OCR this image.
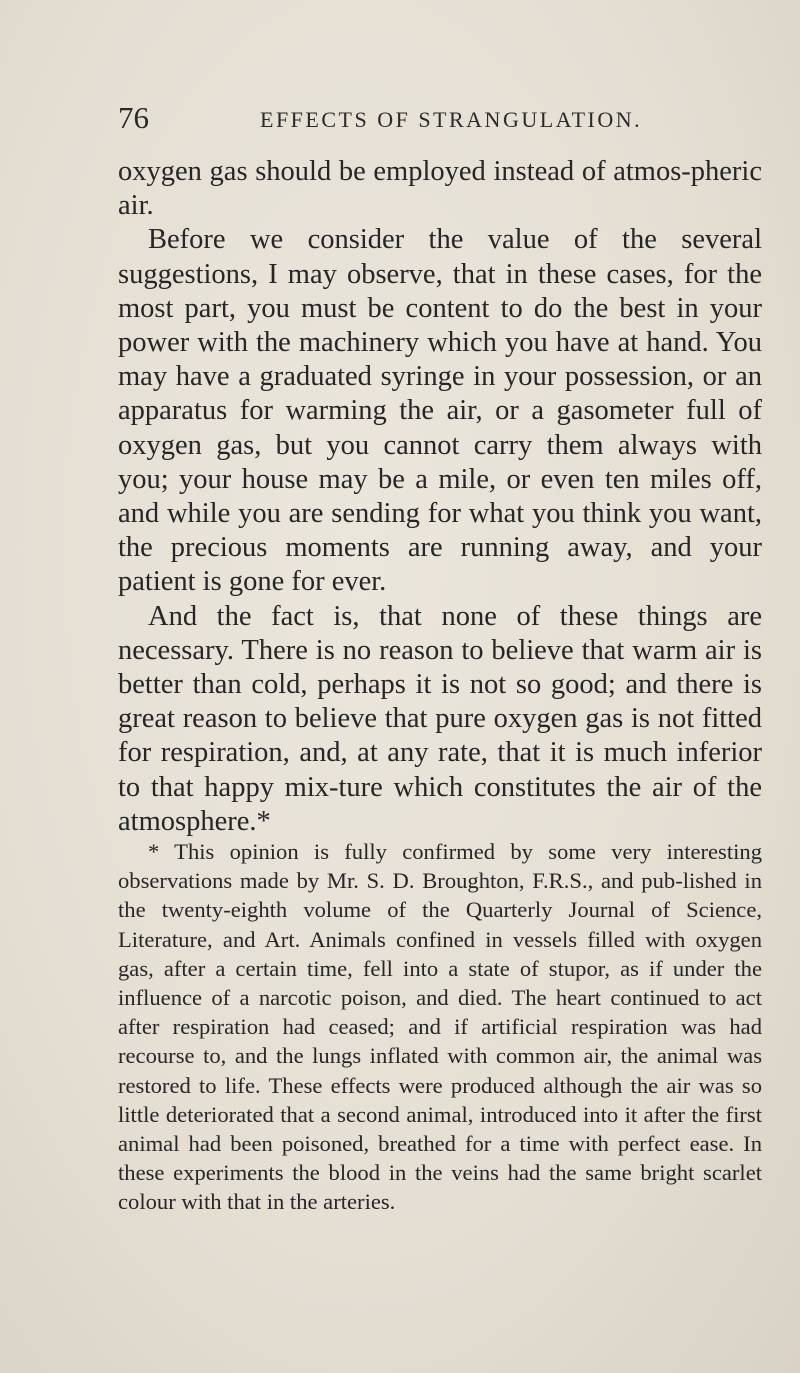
76	EFFECTS OF STRANGULATION.

oxygen gas should be employed instead of atmos-pheric air.

Before we consider the value of the several suggestions, I may observe, that in these cases, for the most part, you must be content to do the best in your power with the machinery which you have at hand. You may have a graduated syringe in your possession, or an apparatus for warming the air, or a gasometer full of oxygen gas, but you cannot carry them always with you; your house may be a mile, or even ten miles off, and while you are sending for what you think you want, the precious moments are running away, and your patient is gone for ever.

And the fact is, that none of these things are necessary. There is no reason to believe that warm air is better than cold, perhaps it is not so good; and there is great reason to believe that pure oxygen gas is not fitted for respiration, and, at any rate, that it is much inferior to that happy mix-ture which constitutes the air of the atmosphere.*

* This opinion is fully confirmed by some very interesting observations made by Mr. S. D. Broughton, F.R.S., and pub-lished in the twenty-eighth volume of the Quarterly Journal of Science, Literature, and Art. Animals confined in vessels filled with oxygen gas, after a certain time, fell into a state of stupor, as if under the influence of a narcotic poison, and died. The heart continued to act after respiration had ceased; and if artificial respiration was had recourse to, and the lungs inflated with common air, the animal was restored to life. These effects were produced although the air was so little deteriorated that a second animal, introduced into it after the first animal had been poisoned, breathed for a time with perfect ease. In these experiments the blood in the veins had the same bright scarlet colour with that in the arteries.
